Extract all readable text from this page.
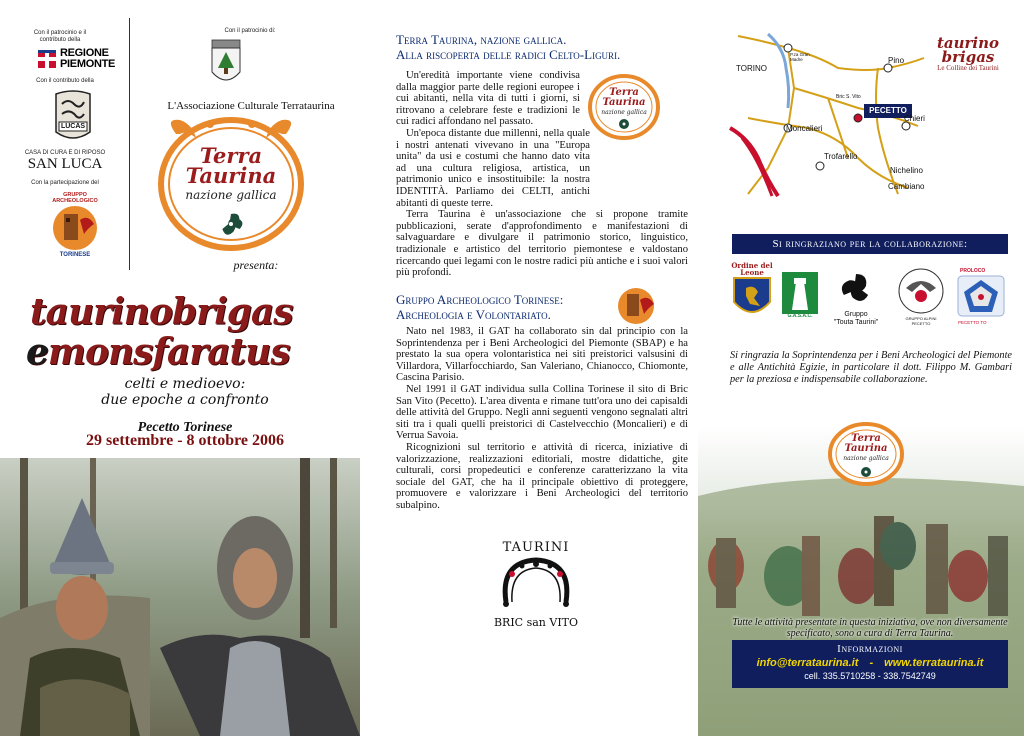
Con il patrocinio e il contributo della
REGIONE
PIEMONTE
Con il contributo della
LUCAS
CASA DI CURA E DI RIPOSO
SAN LUCA
Con la partecipazione del
GRUPPO ARCHEOLOGICO
TORINESE
Con il patrocinio di:
L'Associazione Culturale Terrataurina
Terra
Taurina
nazione gallica
presenta:
taurinobrigas
emonsfaratus
celti e medioevo:
due epoche a confronto
Pecetto Torinese
29 settembre - 8 ottobre 2006
Terra Taurina, nazione gallica.
Alla riscoperta delle radici Celto-Liguri.
Terra
Taurina
nazione gallica

Un'eredità importante viene condivisa dalla maggior parte delle regioni europee i cui abitanti, nella vita di tutti i giorni, si ritrovano a celebrare feste e tradizioni le cui radici affondano nel passato.

Un'epoca distante due millenni, nella quale i nostri antenati vivevano in una "Europa unita" da usi e costumi che hanno dato vita ad una cultura religiosa, artistica, un patrimonio unico e insostituibile: la nostra IDENTITÀ. Parliamo dei CELTI, antichi abitanti di queste terre.

Terra Taurina è un'associazione che si propone tramite pubblicazioni, serate d'approfondimento e manifestazioni di salvaguardare e divulgare il patrimonio storico, linguistico, tradizionale e artistico del territorio piemontese e valdostano ricercando quei legami con le nostre radici più antiche e i suoi valori più profondi.

Gruppo Archeologico Torinese:
Archeologia e Volontariato.

Nato nel 1983, il GAT ha collaborato sin dal principio con la Soprintendenza per i Beni Archeologici del Piemonte (SBAP) e ha prestato la sua opera volontaristica nei siti preistorici valsusini di Villardora, Villarfocchiardo, San Valeriano, Chianocco, Chiomonte, Cascina Parisio.

Nel 1991 il GAT individua sulla Collina Torinese il sito di Bric San Vito (Pecetto). L'area diventa e rimane tutt'ora uno dei capisaldi delle attività del Gruppo. Negli anni seguenti vengono segnalati altri siti tra i quali quelli preistorici di Castelvecchio (Moncalieri) e di Verrua Savoia.

Ricognizioni sul territorio e attività di ricerca, iniziative di valorizzazione, realizzazioni editoriali, mostre didattiche, gite culturali, corsi propedeutici e conferenze caratterizzano la vita sociale del GAT, che ha il principale obiettivo di proteggere, promuovere e valorizzare i Beni Archeologici del territorio subalpino.

TAURINI
BRIC san VITO
TORINO
Pino
Moncalieri
Trofarello
Chieri
Nichelino
Cambiano
PECETTO
Bric S. Vito
P.za Gran Madre
taurino brigas
Le Colline dei Taurini
Si ringraziano per la collaborazione:
Ordine del Leone
G.A.S.A.C.	Gruppo
"Touta Taurini"
GRUPPO ALPINI PECETTO
PROLOCO
PECETTO TO
Si ringrazia la Soprintendenza per i Beni Archeologici del Piemonte e alle Antichità Egizie, in particolare il dott. Filippo M. Gambari per la preziosa e indispensabile collaborazione.
Terra
Taurina
nazione gallica
Tutte le attività presentate in questa iniziativa, ove non diversamente specificato, sono a cura di Terra Taurina.
Informazioni
info@terrataurina.it - www.terrataurina.it
cell. 335.5710258 - 338.7542749
